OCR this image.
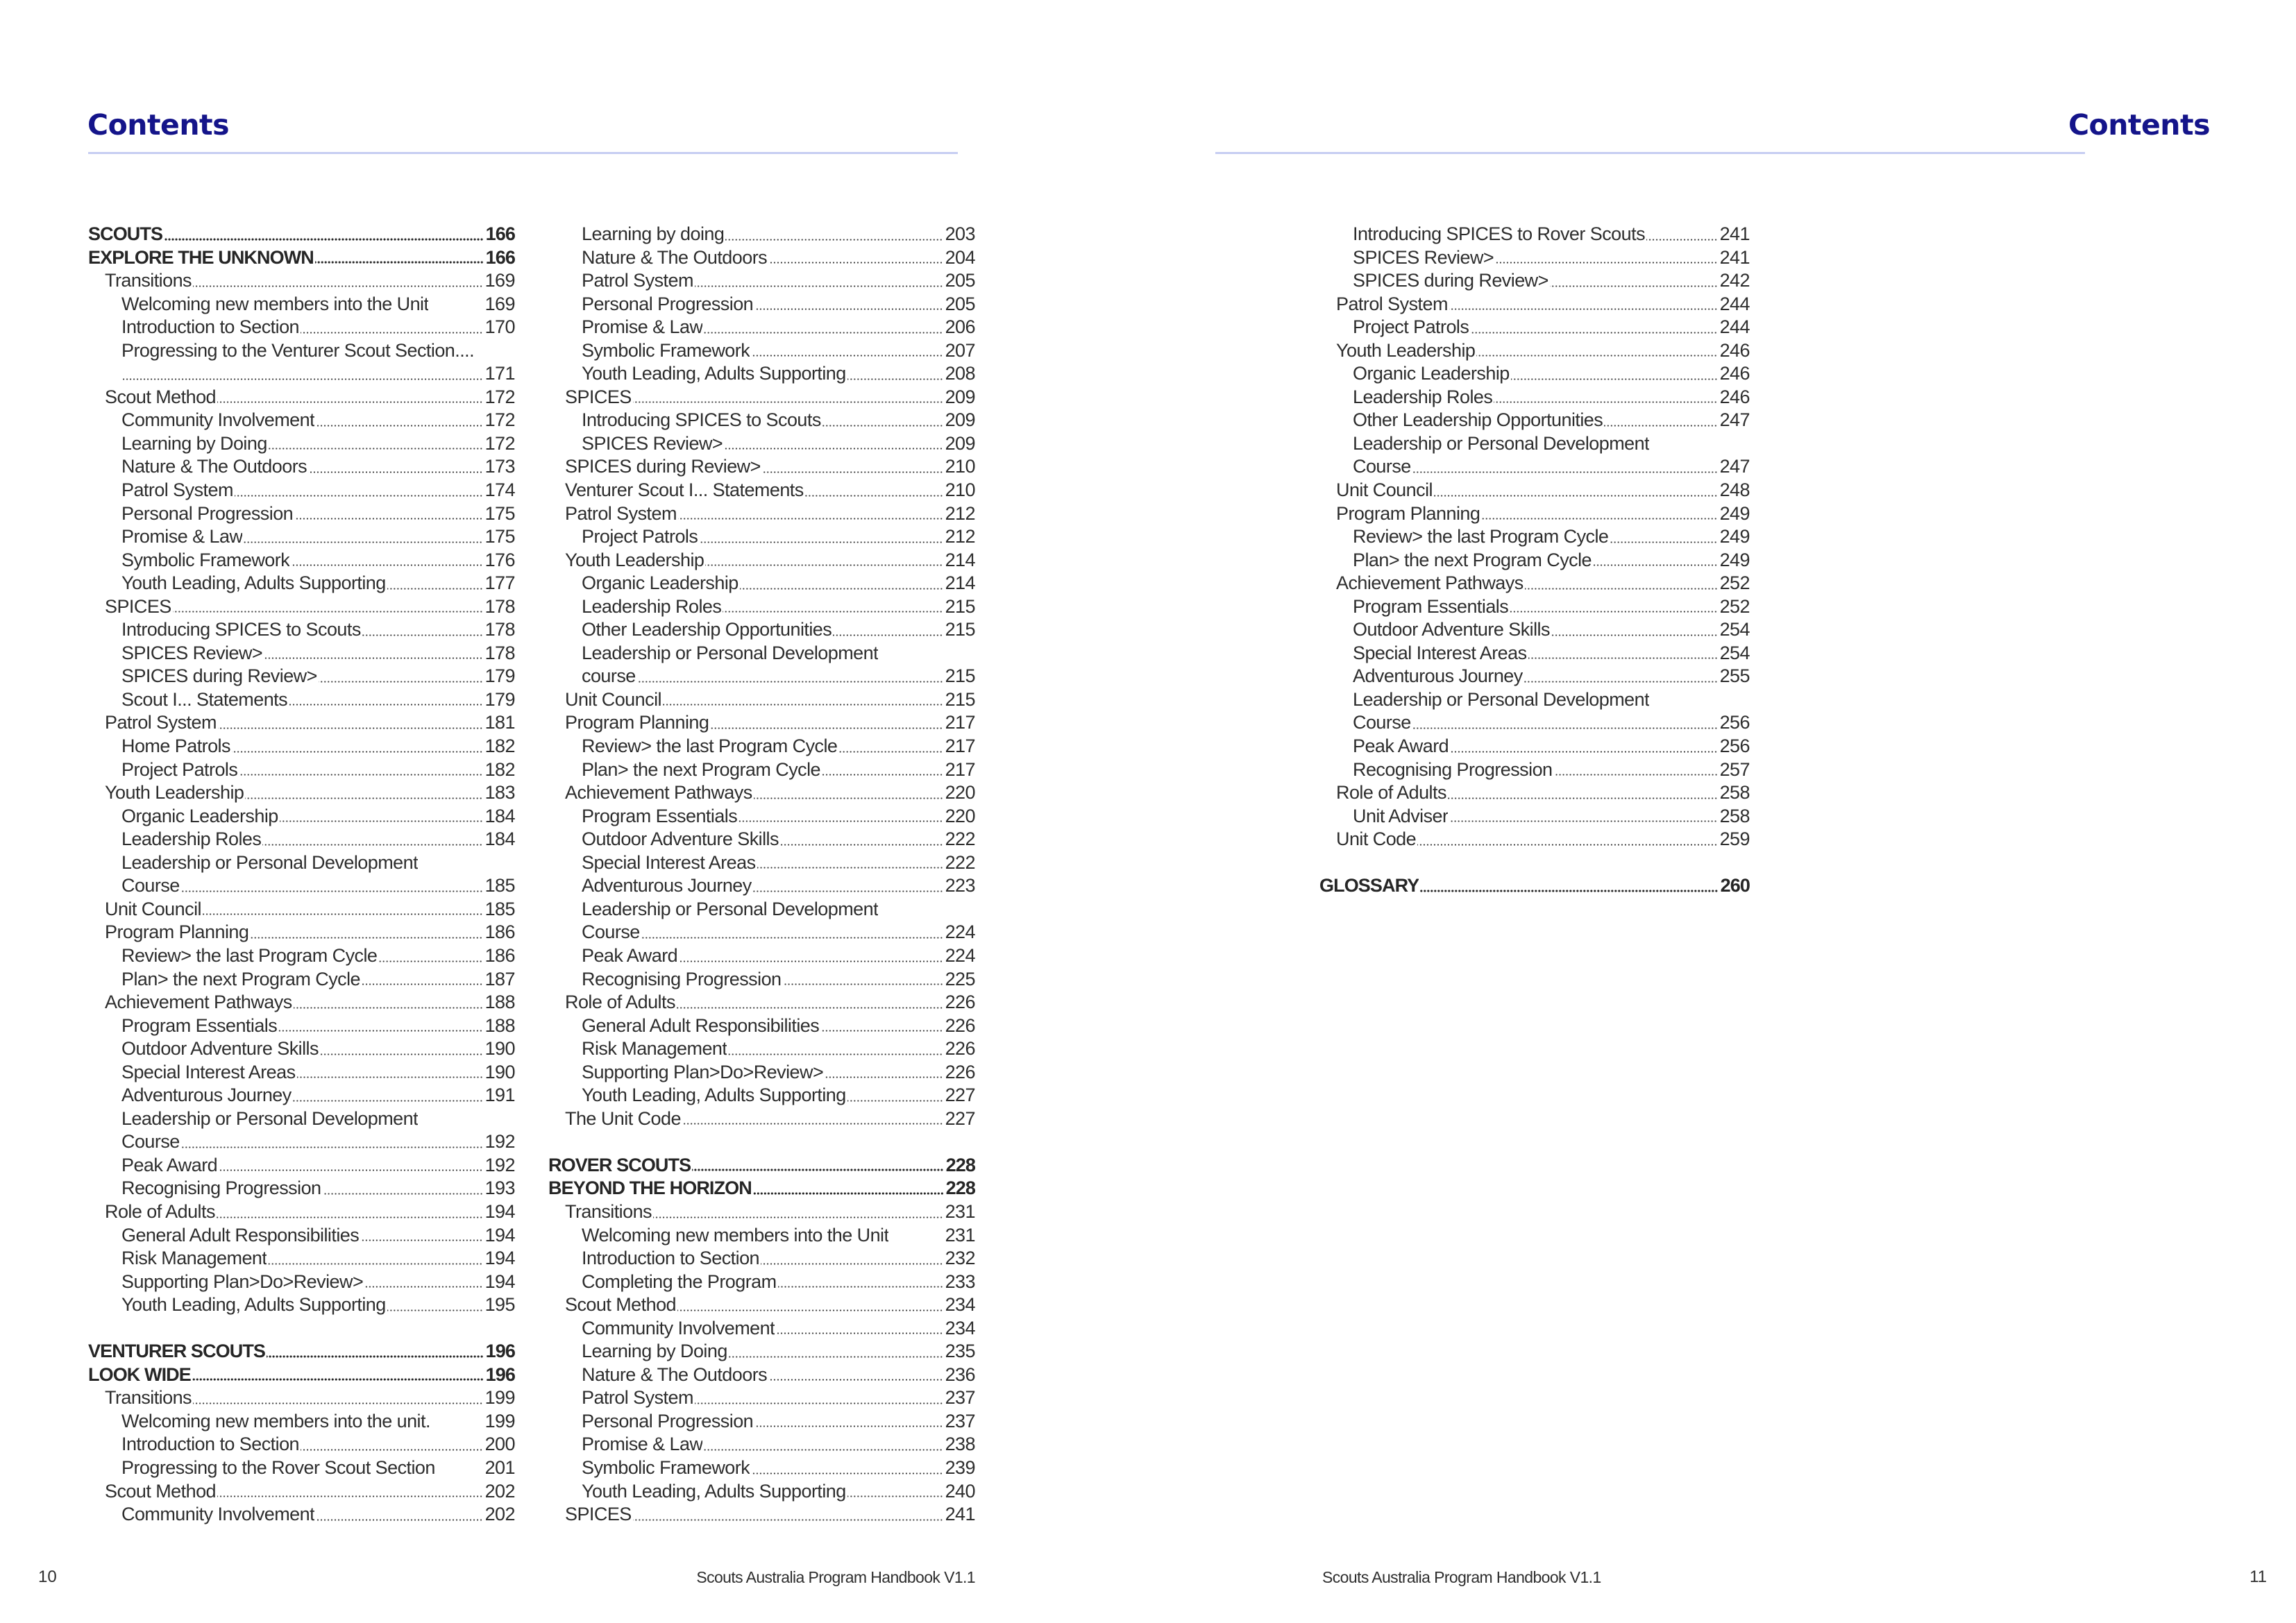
Contents
SCOUTS	166
EXPLORE THE UNKNOWN	166
Transitions	169
Welcoming new members into the Unit	169
Introduction to Section	170
Progressing to the Venturer Scout Section....
171
Scout Method	172
Community Involvement	172
Learning by Doing	172
Nature & The Outdoors	173
Patrol System	174
Personal Progression	175
Promise & Law	175
Symbolic Framework	176
Youth Leading, Adults Supporting	177
SPICES	178
Introducing SPICES to Scouts	178
SPICES Review>	178
SPICES during Review>	179
Scout I... Statements	179
Patrol System	181
Home Patrols	182
Project Patrols	182
Youth Leadership	183
Organic Leadership	184
Leadership Roles	184
Leadership or Personal Development
Course	185
Unit Council	185
Program Planning	186
Review> the last Program Cycle	186
Plan> the next Program Cycle	187
Achievement Pathways	188
Program Essentials	188
Outdoor Adventure Skills	190
Special Interest Areas	190
Adventurous Journey	191
Leadership or Personal Development
Course	192
Peak Award	192
Recognising Progression	193
Role of Adults	194
General Adult Responsibilities	194
Risk Management	194
Supporting Plan>Do>Review>	194
Youth Leading, Adults Supporting	195
VENTURER SCOUTS	196
LOOK WIDE	196
Transitions	199
Welcoming new members into the unit.	199
Introduction to Section	200
Progressing to the Rover Scout Section	201
Scout Method	202
Community Involvement	202
Learning by doing	203
Nature & The Outdoors	204
Patrol System	205
Personal Progression	205
Promise & Law	206
Symbolic Framework	207
Youth Leading, Adults Supporting	208
SPICES	209
Introducing SPICES to Scouts	209
SPICES Review>	209
SPICES during Review>	210
Venturer Scout I... Statements	210
Patrol System	212
Project Patrols	212
Youth Leadership	214
Organic Leadership	214
Leadership Roles	215
Other Leadership Opportunities	215
Leadership or Personal Development
course	215
Unit Council	215
Program Planning	217
Review> the last Program Cycle	217
Plan> the next Program Cycle	217
Achievement Pathways	220
Program Essentials	220
Outdoor Adventure Skills	222
Special Interest Areas	222
Adventurous Journey	223
Leadership or Personal Development
Course	224
Peak Award	224
Recognising Progression	225
Role of Adults	226
General Adult Responsibilities	226
Risk Management	226
Supporting Plan>Do>Review>	226
Youth Leading, Adults Supporting	227
The Unit Code	227
ROVER SCOUTS	228
BEYOND THE HORIZON	228
Transitions	231
Welcoming new members into the Unit	231
Introduction to Section	232
Completing the Program	233
Scout Method	234
Community Involvement	234
Learning by Doing	235
Nature & The Outdoors	236
Patrol System	237
Personal Progression	237
Promise & Law	238
Symbolic Framework	239
Youth Leading, Adults Supporting	240
SPICES	241
10	Scouts Australia Program Handbook V1.1
Contents
Introducing SPICES to Rover Scouts	241
SPICES Review>	241
SPICES during Review>	242
Patrol System	244
Project Patrols	244
Youth Leadership	246
Organic Leadership	246
Leadership Roles	246
Other Leadership Opportunities	247
Leadership or Personal Development
Course	247
Unit Council	248
Program Planning	249
Review> the last Program Cycle	249
Plan> the next Program Cycle	249
Achievement Pathways	252
Program Essentials	252
Outdoor Adventure Skills	254
Special Interest Areas	254
Adventurous Journey	255
Leadership or Personal Development
Course	256
Peak Award	256
Recognising Progression	257
Role of Adults	258
Unit Adviser	258
Unit Code	259
GLOSSARY	260
Scouts Australia Program Handbook V1.1	11
